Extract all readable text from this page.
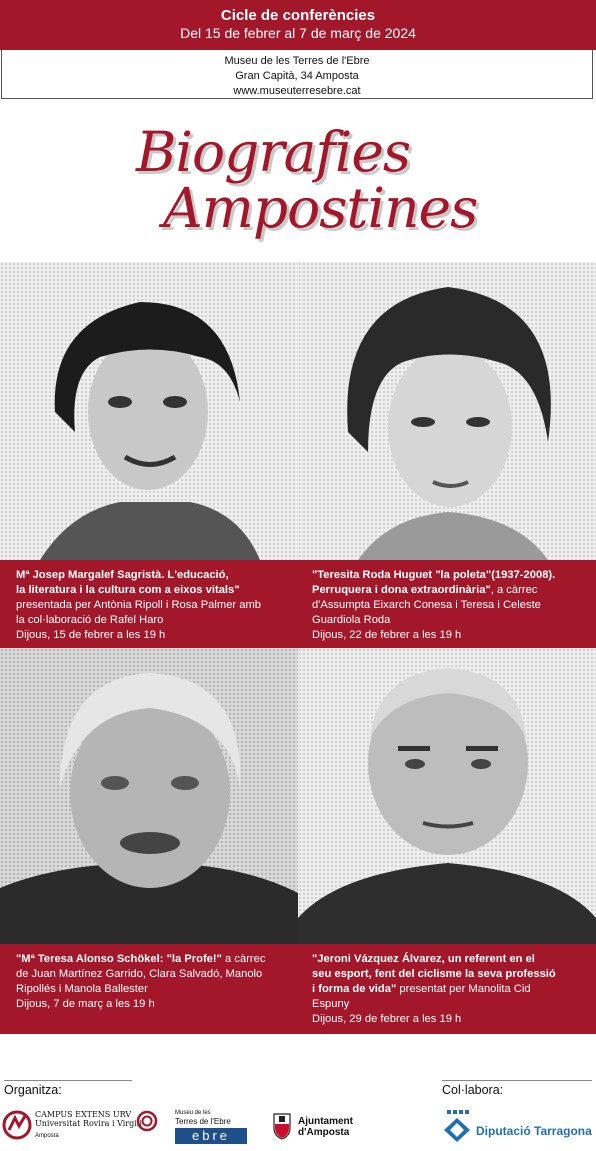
Cicle de conferències
Del 15 de febrer al 7 de març de 2024
Museu de les Terres de l'Ebre
Gran Capità, 34 Amposta
www.museuterresebre.cat
Biografies
Ampostines
Mª Josep Margalef Sagristà. L'educació,
la literatura i la cultura com a eixos vitals"
presentada per Antònia Ripoll i Rosa Palmer amb
la col·laboració de Rafel Haro
Dijous, 15 de febrer a les 19 h
"Teresita Roda Huguet "la poleta"(1937-2008).
Perruquera i dona extraordinària", a càrrec
d'Assumpta Eixarch Conesa i Teresa i Celeste
Guardiola Roda
Dijous, 22 de febrer a les 19 h
"Mª Teresa Alonso Schökel: "la Profe!" a càrrec
de Juan Martínez Garrido, Clara Salvadó, Manolo
Ripollés i Manola Ballester
Dijous, 7 de març a les 19 h
"Jeroni Vázquez Álvarez, un referent en el
seu esport, fent del ciclisme la seva professió
i forma de vida" presentat per Manolita Cid
Espuny
Dijous, 29 de febrer a les 19 h
Organitza:	Col·labora:
CAMPUS EXTENS URV
Universitat Rovira i Virgili
Amposta
Museu de les
Terres de l'Ebre
ebre
Ajuntament
d'Amposta	Diputació Tarragona
